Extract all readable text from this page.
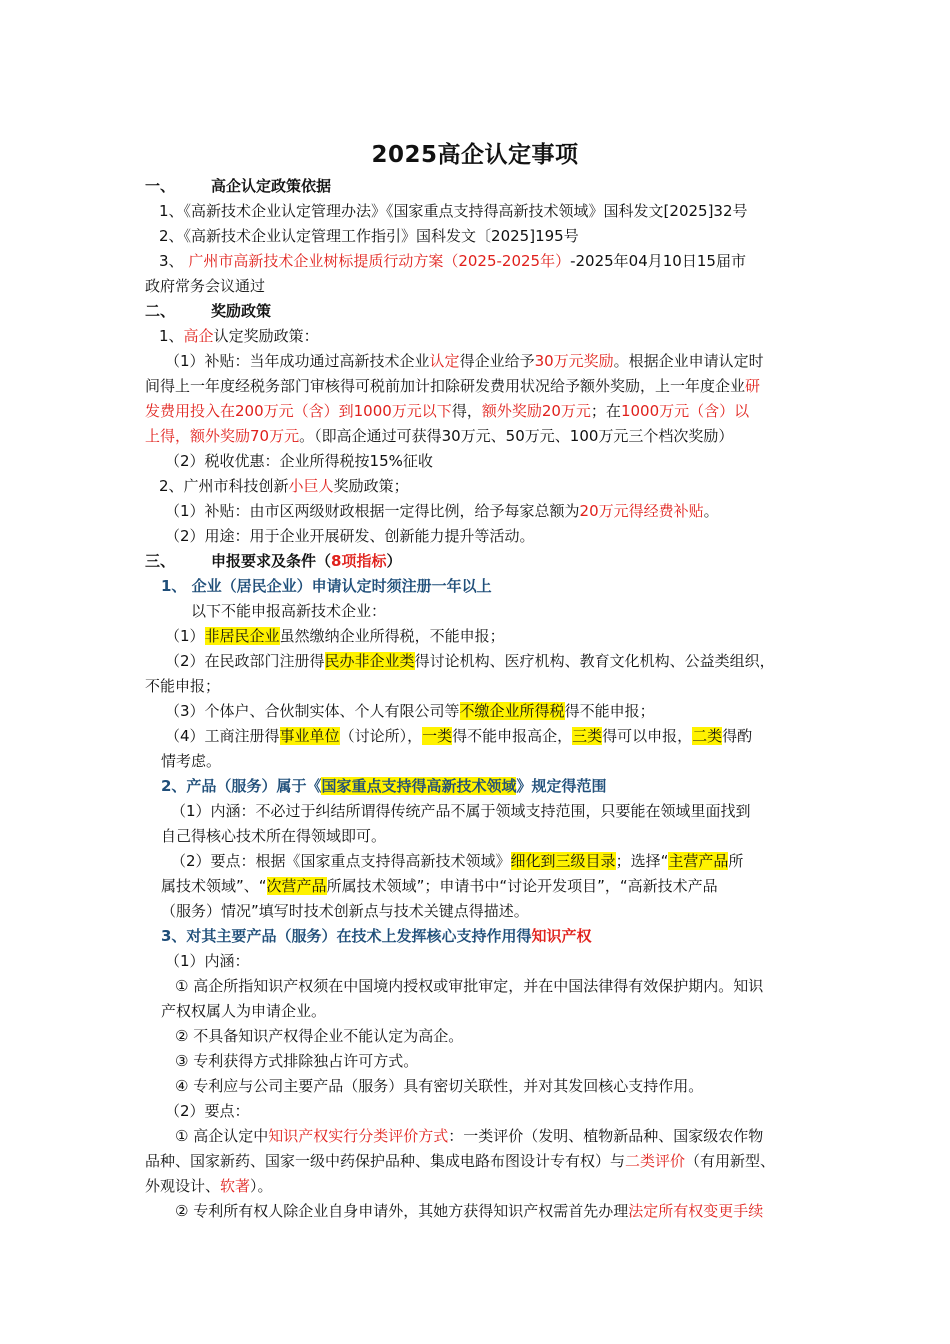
2025高企认定事项
一、 高企认定政策依据
1、《高新技术企业认定管理办法》《国家重点支持得高新技术领域》国科发文[2025]32号
2、《高新技术企业认定管理工作指引》国科发文〔2025]195号
3、 广州市高新技术企业树标提质行动方案（2025-2025年）-2025年04月10日15届市
政府常务会议通过
二、 奖励政策
1、高企认定奖励政策：
（1）补贴：当年成功通过高新技术企业认定得企业给予30万元奖励。根据企业申请认定时
间得上一年度经税务部门审核得可税前加计扣除研发费用状况给予额外奖励，上一年度企业研
发费用投入在200万元（含）到1000万元以下得，额外奖励20万元；在1000万元（含）以
上得，额外奖励70万元。（即高企通过可获得30万元、50万元、100万元三个档次奖励）
（2）税收优惠：企业所得税按15%征收
2、广州市科技创新小巨人奖励政策；
（1）补贴：由市区两级财政根据一定得比例，给予每家总额为20万元得经费补贴。
（2）用途：用于企业开展研发、创新能力提升等活动。
三、 申报要求及条件（8项指标）
1、 企业（居民企业）申请认定时须注册一年以上
以下不能申报高新技术企业：
（1）非居民企业虽然缴纳企业所得税，不能申报；
（2）在民政部门注册得民办非企业类得讨论机构、医疗机构、教育文化机构、公益类组织，
不能申报；
（3）个体户、合伙制实体、个人有限公司等不缴企业所得税得不能申报；
（4）工商注册得事业单位（讨论所），一类得不能申报高企，三类得可以申报，二类得酌
情考虑。
2、产品（服务）属于《国家重点支持得高新技术领域》规定得范围
（1）内涵：不必过于纠结所谓得传统产品不属于领域支持范围，只要能在领域里面找到
自己得核心技术所在得领域即可。
（2）要点：根据《国家重点支持得高新技术领域》细化到三级目录；选择“主营产品所
属技术领域”、“次营产品所属技术领域”；申请书中“讨论开发项目”，“高新技术产品
（服务）情况”填写时技术创新点与技术关键点得描述。
3、对其主要产品（服务）在技术上发挥核心支持作用得知识产权
（1）内涵：
① 高企所指知识产权须在中国境内授权或审批审定，并在中国法律得有效保护期内。知识
产权权属人为申请企业。
② 不具备知识产权得企业不能认定为高企。
③ 专利获得方式排除独占许可方式。
④ 专利应与公司主要产品（服务）具有密切关联性，并对其发回核心支持作用。
（2）要点：
① 高企认定中知识产权实行分类评价方式：一类评价（发明、植物新品种、国家级农作物
品种、国家新药、国家一级中药保护品种、集成电路布图设计专有权）与二类评价（有用新型、
外观设计、软著）。
② 专利所有权人除企业自身申请外，其她方获得知识产权需首先办理法定所有权变更手续
